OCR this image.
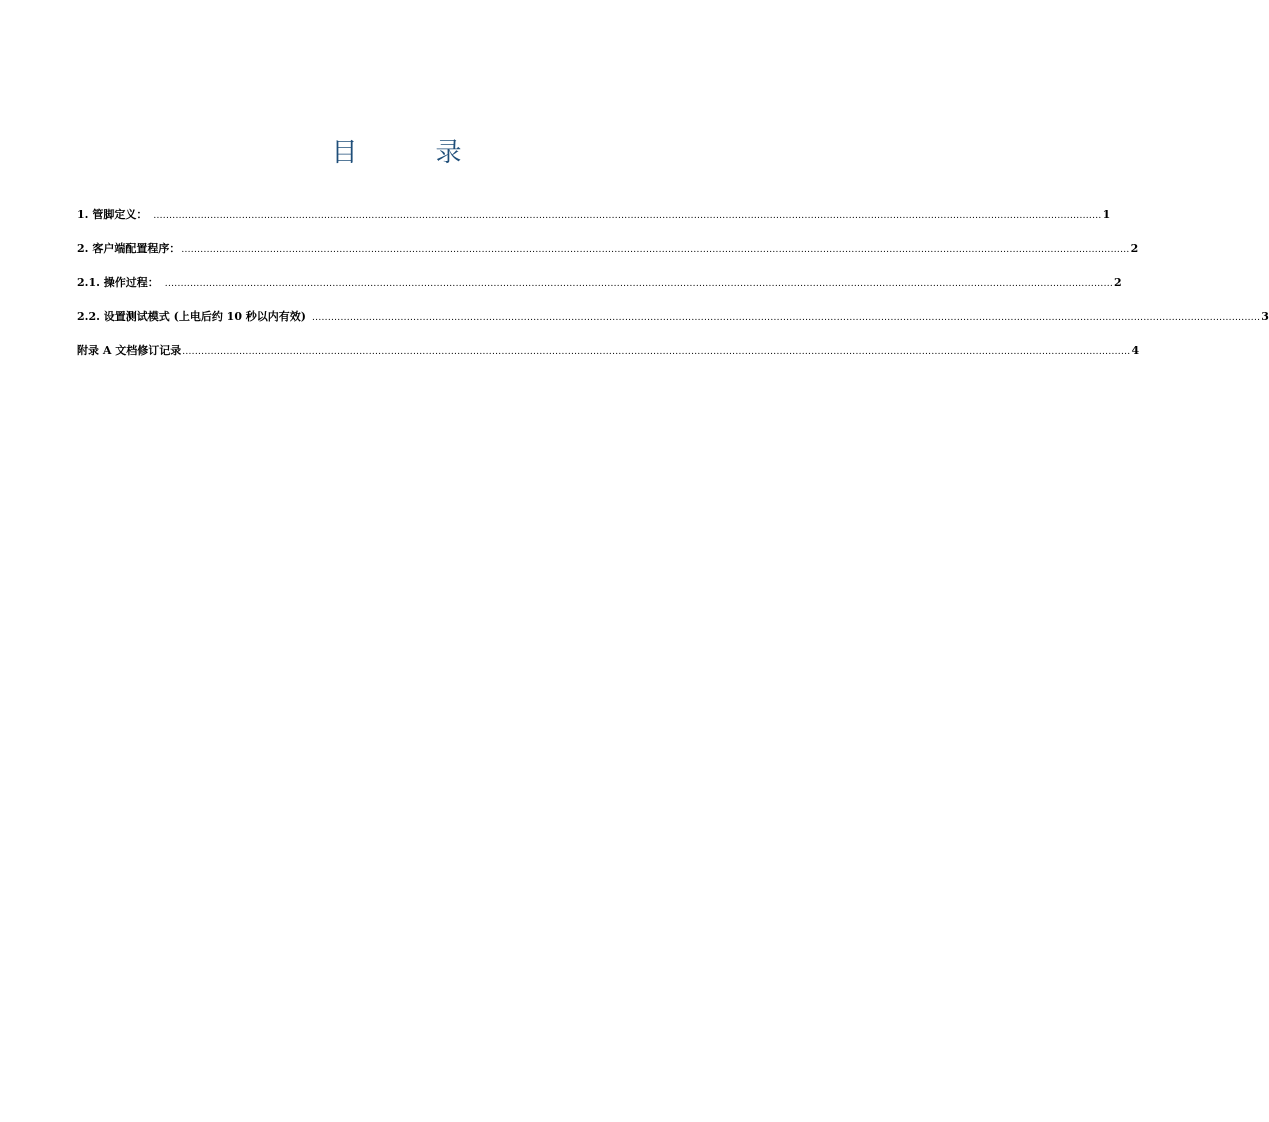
目　录
1. 管脚定义： ............................................................................................................................................................................................................................................................................................................ 1
2. 客户端配置程序： ............................................................................................................................................................................................................................................................................................................ 2
2.1. 操作过程： ............................................................................................................................................................................................................................................................................................................ 2
2.2. 设置测试模式 (上电后约 10 秒以内有效) ............................................................................................................................................................................................................................................................................................................ 3
附录 A 文档修订记录 ............................................................................................................................................................................................................................................................................................................ 4
